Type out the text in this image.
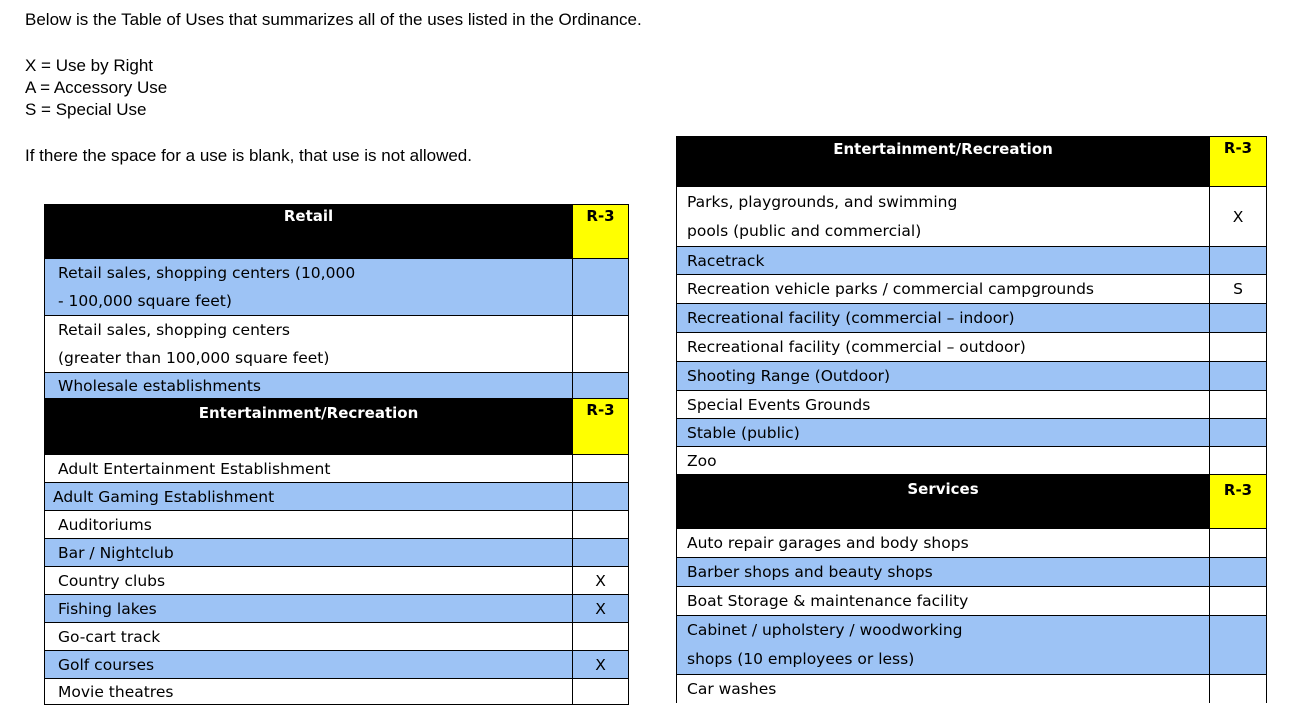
Below is the Table of Uses that summarizes all of the uses listed in the Ordinance.
X = Use by Right
A = Accessory Use
S = Special Use
If there the space for a use is blank, that use is not allowed.
Retail	R-3

Retail sales, shopping centers (10,000
- 100,000 square feet)	

Retail sales, shopping centers
(greater than 100,000 square feet)	

Wholesale establishments	
Entertainment/Recreation	R-3

Adult Entertainment Establishment	
Adult Gaming Establishment	
Auditoriums	
Bar / Nightclub	
Country clubs	X
Fishing lakes	X
Go-cart track	
Golf courses	X
Movie theatres	
Entertainment/Recreation	R-3

Parks, playgrounds, and swimming
pools (public and commercial)	X
Racetrack	
Recreation vehicle parks / commercial campgrounds	S
Recreational facility (commercial – indoor)	
Recreational facility (commercial – outdoor)	
Shooting Range (Outdoor)	
Special Events Grounds	
Stable (public)	
Zoo	
Services	R-3

Auto repair garages and body shops	
Barber shops and beauty shops	
Boat Storage & maintenance facility	

Cabinet / upholstery / woodworking
shops (10 employees or less)	

Car washes	
